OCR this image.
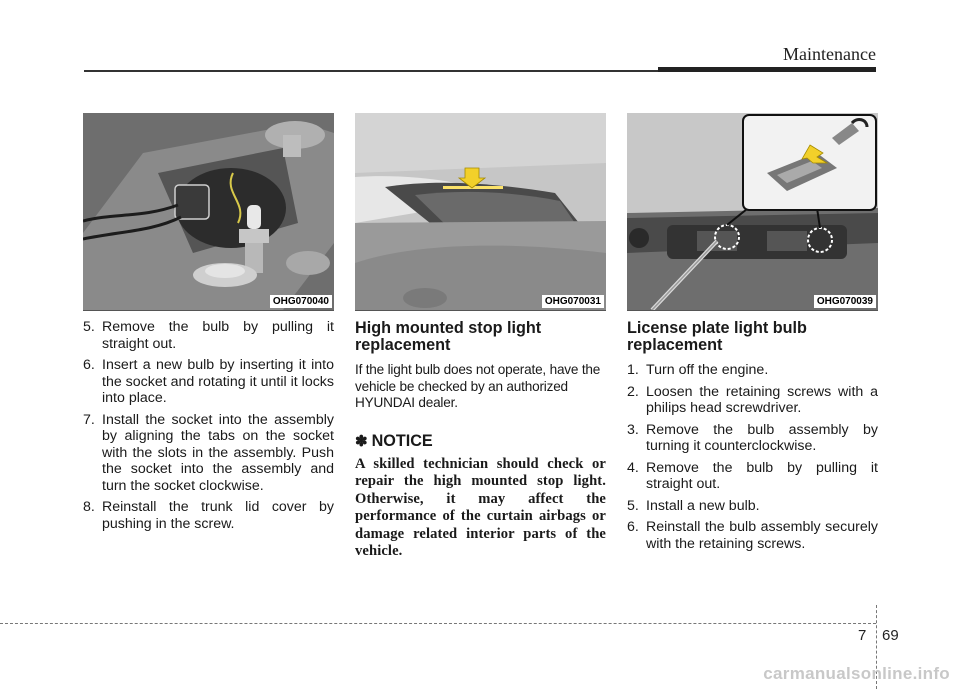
Maintenance
OHG070040
5. Remove the bulb by pulling it straight out.
6. Insert a new bulb by inserting it into the socket and rotating it until it locks into place.
7. Install the socket into the assembly by aligning the tabs on the socket with the slots in the assembly. Push the socket into the assembly and turn the socket clockwise.
8. Reinstall the trunk lid cover by pushing in the screw.
OHG070031
High mounted stop light replacement
If the light bulb does not operate, have the vehicle be checked by an authorized HYUNDAI dealer.
✽ NOTICE
A skilled technician should check or repair the high mounted stop light. Otherwise, it may affect the performance of the curtain airbags or damage related interior parts of the vehicle.
OHG070039
License plate light bulb replacement
1. Turn off the engine.
2. Loosen the retaining screws with a philips head screwdriver.
3. Remove the bulb assembly by turning it counterclockwise.
4. Remove the bulb by pulling it straight out.
5. Install a new bulb.
6. Reinstall the bulb assembly securely with the retaining screws.
7 69
carmanualsonline.info
